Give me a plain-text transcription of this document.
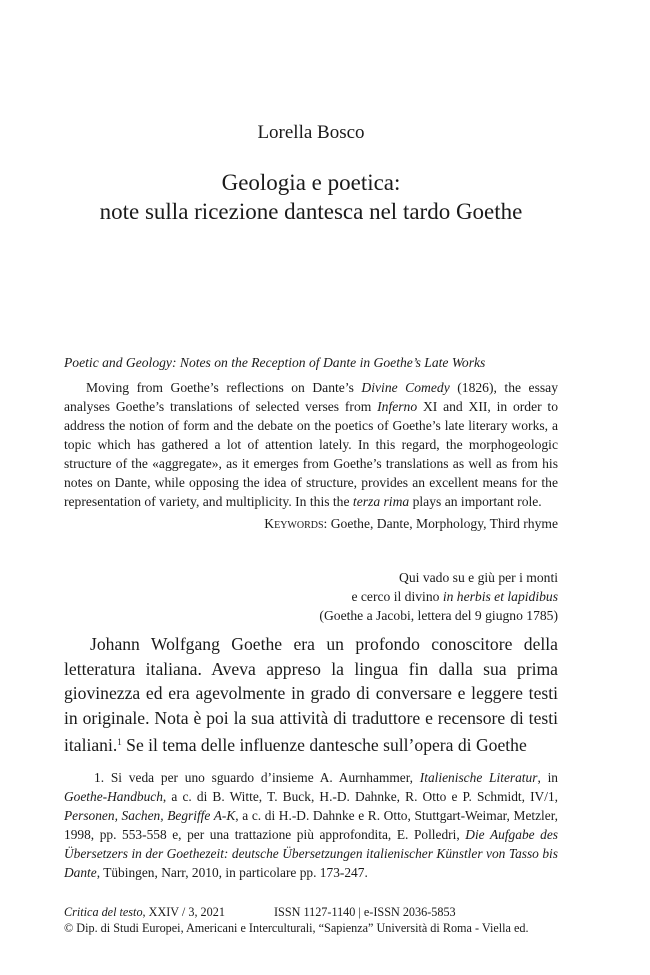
Lorella Bosco
Geologia e poetica:
note sulla ricezione dantesca nel tardo Goethe
Poetic and Geology: Notes on the Reception of Dante in Goethe’s Late Works

Moving from Goethe’s reflections on Dante’s Divine Comedy (1826), the essay analyses Goethe’s translations of selected verses from Inferno XI and XII, in order to address the notion of form and the debate on the poetics of Goethe’s late literary works, a topic which has gathered a lot of attention lately. In this regard, the morphogeologic structure of the «aggregate», as it emerges from Goethe’s translations as well as from his notes on Dante, while opposing the idea of structure, provides an excellent means for the representation of variety, and multiplicity. In this the terza rima plays an important role.

Keywords: Goethe, Dante, Morphology, Third rhyme
Qui vado su e giù per i monti
e cerco il divino in herbis et lapidibus
(Goethe a Jacobi, lettera del 9 giugno 1785)

Johann Wolfgang Goethe era un profondo conoscitore della letteratura italiana. Aveva appreso la lingua fin dalla sua prima giovinezza ed era agevolmente in grado di conversare e leggere testi in originale. Nota è poi la sua attività di traduttore e recensore di testi italiani.$^1$ Se il tema delle influenze dantesche sull’opera di Goethe

1. Si veda per uno sguardo d’insieme A. Aurnhammer, Italienische Literatur, in Goethe-Handbuch, a c. di B. Witte, T. Buck, H.-D. Dahnke, R. Otto e P. Schmidt, IV/1, Personen, Sachen, Begriffe A-K, a c. di H.-D. Dahnke e R. Otto, Stuttgart-Weimar, Metzler, 1998, pp. 553-558 e, per una trattazione più approfondita, E. Polledri, Die Aufgabe des Übersetzers in der Goethezeit: deutsche Übersetzungen italienischer Künstler von Tasso bis Dante, Tübingen, Narr, 2010, in particolare pp. 173-247.

Critica del testo, XXIV / 3, 2021	ISSN 1127-1140 | e-ISSN 2036-5853
© Dip. di Studi Europei, Americani e Interculturali, “Sapienza” Università di Roma - Viella ed.
